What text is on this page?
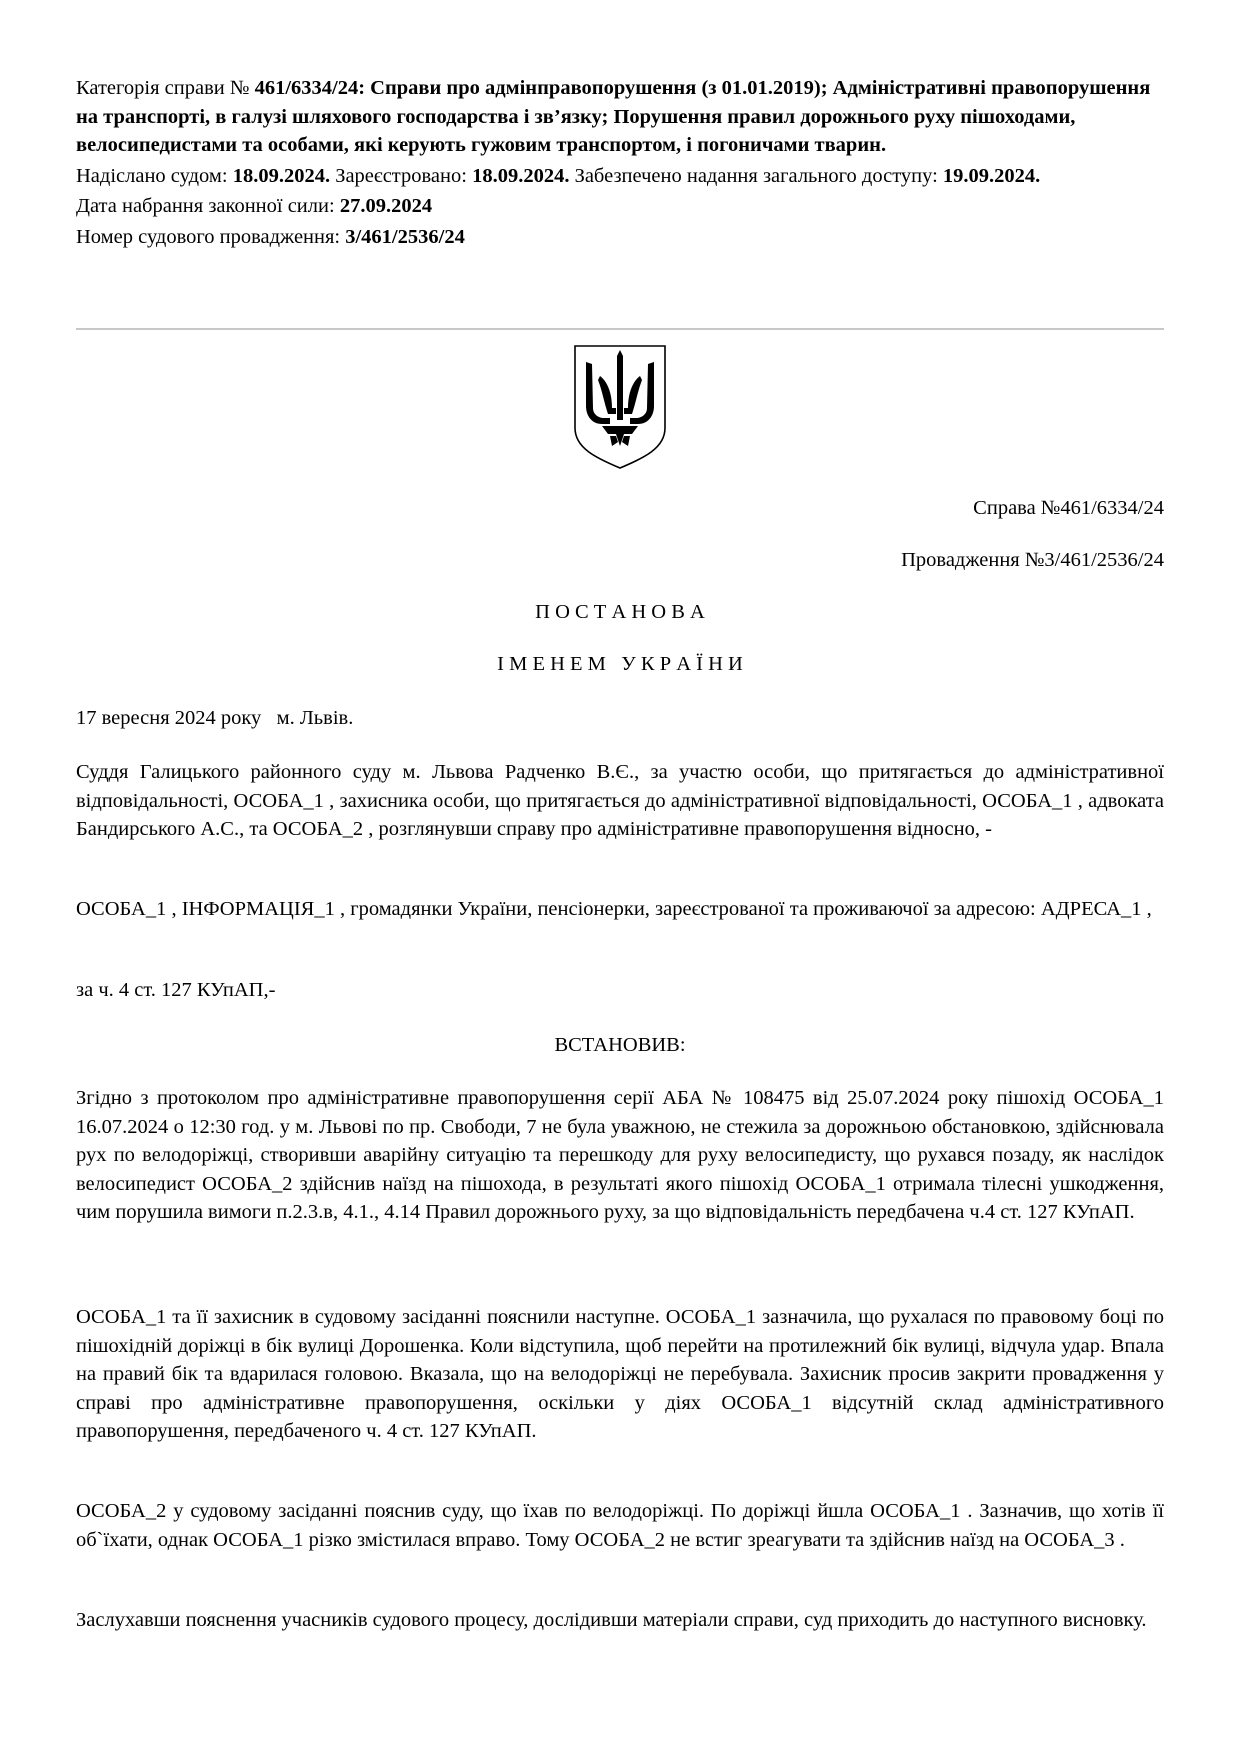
Категорія справи № 461/6334/24: Справи про адмінправопорушення (з 01.01.2019); Адміністративні правопорушення на транспорті, в галузі шляхового господарства і зв’язку; Порушення правил дорожнього руху пішоходами, велосипедистами та особами, які керують гужовим транспортом, і погоничами тварин.

Надіслано судом: 18.09.2024. Зареєстровано: 18.09.2024. Забезпечено надання загального доступу: 19.09.2024.

Дата набрання законної сили: 27.09.2024

Номер судового провадження: 3/461/2536/24

Справа №461/6334/24

Провадження №3/461/2536/24

П О С Т А Н О В А

І М Е Н Е М   У К Р А Ї Н И

17 вересня 2024 року   м. Львів.

Суддя Галицького районного суду м. Львова Радченко В.Є., за участю особи, що притягається до адміністративної відповідальності, ОСОБА_1 , захисника особи, що притягається до адміністративної відповідальності, ОСОБА_1 , адвоката Бандирського А.С., та ОСОБА_2 , розглянувши справу про адміністративне правопорушення відносно, -

ОСОБА_1 , ІНФОРМАЦІЯ_1 , громадянки України, пенсіонерки, зареєстрованої та проживаючої за адресою: АДРЕСА_1 ,

за ч. 4 ст. 127 КУпАП,-

ВСТАНОВИВ:

Згідно з протоколом про адміністративне правопорушення серії АБА № 108475 від 25.07.2024 року пішохід ОСОБА_1 16.07.2024 о 12:30 год. у м. Львові по пр. Свободи, 7 не була уважною, не стежила за дорожньою обстановкою, здійснювала рух по велодоріжці, створивши аварійну ситуацію та перешкоду для руху велосипедисту, що рухався позаду, як наслідок велосипедист ОСОБА_2 здійснив наїзд на пішохода, в результаті якого пішохід ОСОБА_1 отримала тілесні ушкодження, чим порушила вимоги п.2.3.в, 4.1., 4.14 Правил дорожнього руху, за що відповідальність передбачена ч.4 ст. 127 КУпАП.

ОСОБА_1 та її захисник в судовому засіданні пояснили наступне. ОСОБА_1 зазначила, що рухалася по правовому боці по пішохідній доріжці в бік вулиці Дорошенка. Коли відступила, щоб перейти на протилежний бік вулиці, відчула удар. Впала на правий бік та вдарилася головою. Вказала, що на велодоріжці не перебувала. Захисник просив закрити провадження у справі про адміністративне правопорушення, оскільки у діях ОСОБА_1 відсутній склад адміністративного правопорушення, передбаченого ч. 4 ст. 127 КУпАП.

ОСОБА_2 у судовому засіданні пояснив суду, що їхав по велодоріжці. По доріжці йшла ОСОБА_1 . Зазначив, що хотів її об`їхати, однак ОСОБА_1 різко змістилася вправо. Тому ОСОБА_2 не встиг зреагувати та здійснив наїзд на ОСОБА_3 .

Заслухавши пояснення учасників судового процесу, дослідивши матеріали справи, суд приходить до наступного висновку.
